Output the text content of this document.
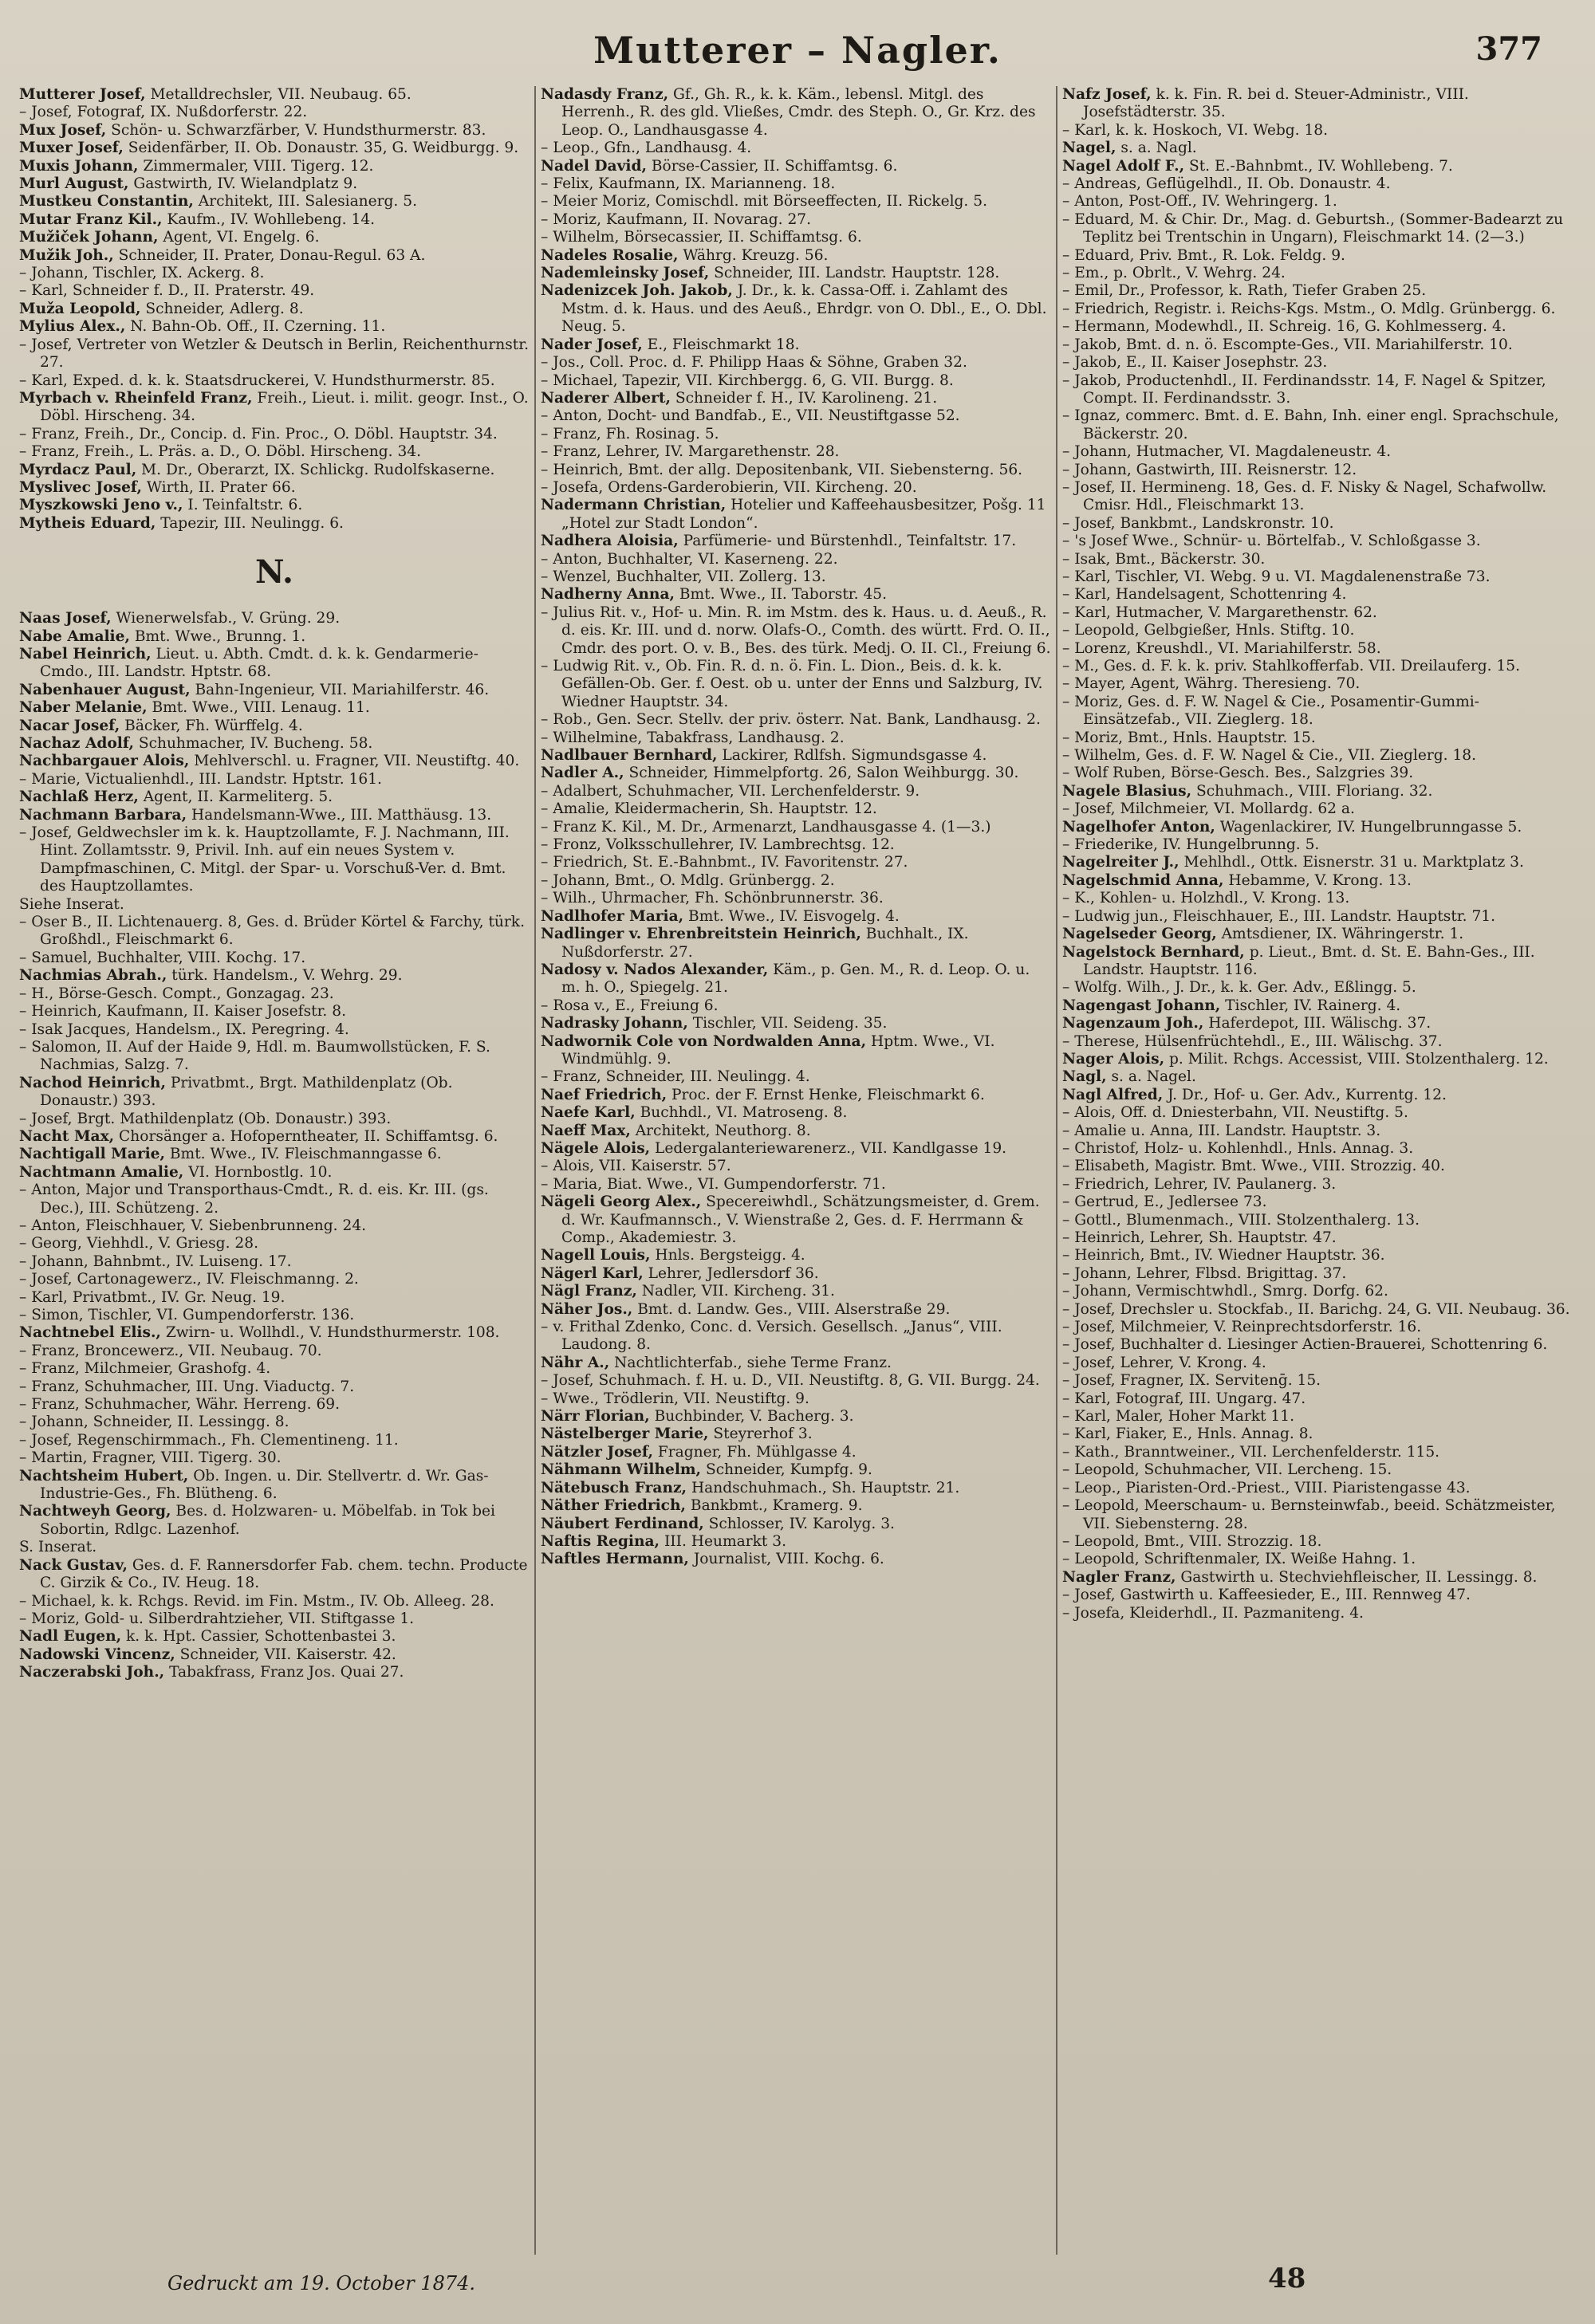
Mutterer – Nagler.	377
Mutterer Josef, Metalldrechsler, VII. Neubaug. 65.
– Josef, Fotograf, IX. Nußdorferstr. 22.
Mux Josef, Schön- u. Schwarzfärber, V. Hundsthurmerstr. 83.
Muxer Josef, Seidenfärber, II. Ob. Donaustr. 35, G. Weidburgg. 9.
Muxis Johann, Zimmermaler, VIII. Tigerg. 12.
Murl August, Gastwirth, IV. Wielandplatz 9.
Mustkeu Constantin, Architekt, III. Salesianerg. 5.
Mutar Franz Kil., Kaufm., IV. Wohllebeng. 14.
Mužiček Johann, Agent, VI. Engelg. 6.
Mužik Joh., Schneider, II. Prater, Donau-Regul. 63 A.
– Johann, Tischler, IX. Ackerg. 8.
– Karl, Schneider f. D., II. Praterstr. 49.
Muža Leopold, Schneider, Adlerg. 8.
Mylius Alex., N. Bahn-Ob. Off., II. Czerning. 11.
– Josef, Vertreter von Wetzler & Deutsch in Berlin, Reichenthurnstr. 27.
– Karl, Exped. d. k. k. Staatsdruckerei, V. Hundsthurmerstr. 85.
Myrbach v. Rheinfeld Franz, Freih., Lieut. i. milit. geogr. Inst., O. Döbl. Hirscheng. 34.
– Franz, Freih., Dr., Concip. d. Fin. Proc., O. Döbl. Hauptstr. 34.
– Franz, Freih., L. Präs. a. D., O. Döbl. Hirscheng. 34.
Myrdacz Paul, M. Dr., Oberarzt, IX. Schlickg. Rudolfskaserne.
Myslivec Josef, Wirth, II. Prater 66.
Myszkowski Jeno v., I. Teinfaltstr. 6.
Mytheis Eduard, Tapezir, III. Neulingg. 6.
N.
Naas Josef, Wienerwelsfab., V. Grüng. 29.
Nabe Amalie, Bmt. Wwe., Brunng. 1.
Nabel Heinrich, Lieut. u. Abth. Cmdt. d. k. k. Gendarmerie-Cmdo., III. Landstr. Hptstr. 68.
Nabenhauer August, Bahn-Ingenieur, VII. Mariahilferstr. 46.
Naber Melanie, Bmt. Wwe., VIII. Lenaug. 11.
Nacar Josef, Bäcker, Fh. Würffelg. 4.
Nachaz Adolf, Schuhmacher, IV. Bucheng. 58.
Nachbargauer Alois, Mehlverschl. u. Fragner, VII. Neustiftg. 40.
– Marie, Victualienhdl., III. Landstr. Hptstr. 161.
Nachlaß Herz, Agent, II. Karmeliterg. 5.
Nachmann Barbara, Handelsmann-Wwe., III. Matthäusg. 13.
– Josef, Geldwechsler im k. k. Hauptzollamte, F. J. Nachmann, III. Hint. Zollamtsstr. 9, Privil. Inh. auf ein neues System v. Dampfmaschinen, C. Mitgl. der Spar- u. Vorschuß-Ver. d. Bmt. des Hauptzollamtes.
Siehe Inserat.
– Oser B., II. Lichtenauerg. 8, Ges. d. Brüder Körtel & Farchy, türk. Großhdl., Fleischmarkt 6.
– Samuel, Buchhalter, VIII. Kochg. 17.
Nachmias Abrah., türk. Handelsm., V. Wehrg. 29.
– H., Börse-Gesch. Compt., Gonzagag. 23.
– Heinrich, Kaufmann, II. Kaiser Josefstr. 8.
– Isak Jacques, Handelsm., IX. Peregring. 4.
– Salomon, II. Auf der Haide 9, Hdl. m. Baumwollstücken, F. S. Nachmias, Salzg. 7.
Nachod Heinrich, Privatbmt., Brgt. Mathildenplatz (Ob. Donaustr.) 393.
– Josef, Brgt. Mathildenplatz (Ob. Donaustr.) 393.
Nacht Max, Chorsänger a. Hofoperntheater, II. Schiffamtsg. 6.
Nachtigall Marie, Bmt. Wwe., IV. Fleischmanngasse 6.
Nachtmann Amalie, VI. Hornbostlg. 10.
– Anton, Major und Transporthaus-Cmdt., R. d. eis. Kr. III. (gs. Dec.), III. Schützeng. 2.
– Anton, Fleischhauer, V. Siebenbrunneng. 24.
– Georg, Viehhdl., V. Griesg. 28.
– Johann, Bahnbmt., IV. Luiseng. 17.
– Josef, Cartonagewerz., IV. Fleischmanng. 2.
– Karl, Privatbmt., IV. Gr. Neug. 19.
– Simon, Tischler, VI. Gumpendorferstr. 136.
Nachtnebel Elis., Zwirn- u. Wollhdl., V. Hundsthurmerstr. 108.
– Franz, Broncewerz., VII. Neubaug. 70.
– Franz, Milchmeier, Grashofg. 4.
– Franz, Schuhmacher, III. Ung. Viaductg. 7.
– Franz, Schuhmacher, Währ. Herreng. 69.
– Johann, Schneider, II. Lessingg. 8.
– Josef, Regenschirmmach., Fh. Clementineng. 11.
– Martin, Fragner, VIII. Tigerg. 30.
Nachtsheim Hubert, Ob. Ingen. u. Dir. Stellvertr. d. Wr. Gas-Industrie-Ges., Fh. Blütheng. 6.
Nachtweyh Georg, Bes. d. Holzwaren- u. Möbelfab. in Tok bei Sobortin, Rdlgc. Lazenhof.
S. Inserat.
Nack Gustav, Ges. d. F. Rannersdorfer Fab. chem. techn. Producte C. Girzik & Co., IV. Heug. 18.
– Michael, k. k. Rchgs. Revid. im Fin. Mstm., IV. Ob. Alleeg. 28.
– Moriz, Gold- u. Silberdrahtzieher, VII. Stiftgasse 1.
Nadl Eugen, k. k. Hpt. Cassier, Schottenbastei 3.
Nadowski Vincenz, Schneider, VII. Kaiserstr. 42.
Naczerabski Joh., Tabakfrass, Franz Jos. Quai 27.
Nadasdy Franz, Gf., Gh. R., k. k. Käm., lebensl. Mitgl. des Herrenh., R. des gld. Vließes, Cmdr. des Steph. O., Gr. Krz. des Leop. O., Landhausgasse 4.
– Leop., Gfn., Landhausg. 4.
Nadel David, Börse-Cassier, II. Schiffamtsg. 6.
– Felix, Kaufmann, IX. Marianneng. 18.
– Meier Moriz, Comischdl. mit Börseeffecten, II. Rickelg. 5.
– Moriz, Kaufmann, II. Novarag. 27.
– Wilhelm, Börsecassier, II. Schiffamtsg. 6.
Nadeles Rosalie, Währg. Kreuzg. 56.
Nademleinsky Josef, Schneider, III. Landstr. Hauptstr. 128.
Nadenizcek Joh. Jakob, J. Dr., k. k. Cassa-Off. i. Zahlamt des Mstm. d. k. Haus. und des Aeuß., Ehrdgr. von O. Dbl., E., O. Dbl. Neug. 5.
Nader Josef, E., Fleischmarkt 18.
– Jos., Coll. Proc. d. F. Philipp Haas & Söhne, Graben 32.
– Michael, Tapezir, VII. Kirchbergg. 6, G. VII. Burgg. 8.
Naderer Albert, Schneider f. H., IV. Karolineng. 21.
– Anton, Docht- und Bandfab., E., VII. Neustiftgasse 52.
– Franz, Fh. Rosinag. 5.
– Franz, Lehrer, IV. Margarethenstr. 28.
– Heinrich, Bmt. der allg. Depositenbank, VII. Siebensterng. 56.
– Josefa, Ordens-Garderobierin, VII. Kircheng. 20.
Nadermann Christian, Hotelier und Kaffeehausbesitzer, Pošg. 11 „Hotel zur Stadt London“.
Nadhera Aloisia, Parfümerie- und Bürstenhdl., Teinfaltstr. 17.
– Anton, Buchhalter, VI. Kaserneng. 22.
– Wenzel, Buchhalter, VII. Zollerg. 13.
Nadherny Anna, Bmt. Wwe., II. Taborstr. 45.
– Julius Rit. v., Hof- u. Min. R. im Mstm. des k. Haus. u. d. Aeuß., R. d. eis. Kr. III. und d. norw. Olafs-O., Comth. des württ. Frd. O. II., Cmdr. des port. O. v. B., Bes. des türk. Medj. O. II. Cl., Freiung 6.
– Ludwig Rit. v., Ob. Fin. R. d. n. ö. Fin. L. Dion., Beis. d. k. k. Gefällen-Ob. Ger. f. Oest. ob u. unter der Enns und Salzburg, IV. Wiedner Hauptstr. 34.
– Rob., Gen. Secr. Stellv. der priv. österr. Nat. Bank, Landhausg. 2.
– Wilhelmine, Tabakfrass, Landhausg. 2.
Nadlbauer Bernhard, Lackirer, Rdlfsh. Sigmundsgasse 4.
Nadler A., Schneider, Himmelpfortg. 26, Salon Weihburgg. 30.
– Adalbert, Schuhmacher, VII. Lerchenfelderstr. 9.
– Amalie, Kleidermacherin, Sh. Hauptstr. 12.
– Franz K. Kil., M. Dr., Armenarzt, Landhausgasse 4. (1—3.)
– Fronz, Volksschullehrer, IV. Lambrechtsg. 12.
– Friedrich, St. E.-Bahnbmt., IV. Favoritenstr. 27.
– Johann, Bmt., O. Mdlg. Grünbergg. 2.
– Wilh., Uhrmacher, Fh. Schönbrunnerstr. 36.
Nadlhofer Maria, Bmt. Wwe., IV. Eisvogelg. 4.
Nadlinger v. Ehrenbreitstein Heinrich, Buchhalt., IX. Nußdorferstr. 27.
Nadosy v. Nados Alexander, Käm., p. Gen. M., R. d. Leop. O. u. m. h. O., Spiegelg. 21.
– Rosa v., E., Freiung 6.
Nadrasky Johann, Tischler, VII. Seideng. 35.
Nadwornik Cole von Nordwalden Anna, Hptm. Wwe., VI. Windmühlg. 9.
– Franz, Schneider, III. Neulingg. 4.
Naef Friedrich, Proc. der F. Ernst Henke, Fleischmarkt 6.
Naefe Karl, Buchhdl., VI. Matroseng. 8.
Naeff Max, Architekt, Neuthorg. 8.
Nägele Alois, Ledergalanteriewarenerz., VII. Kandlgasse 19.
– Alois, VII. Kaiserstr. 57.
– Maria, Biat. Wwe., VI. Gumpendorferstr. 71.
Nägeli Georg Alex., Specereiwhdl., Schätzungsmeister, d. Grem. d. Wr. Kaufmannsch., V. Wienstraße 2, Ges. d. F. Herrmann & Comp., Akademiestr. 3.
Nagell Louis, Hnls. Bergsteigg. 4.
Nägerl Karl, Lehrer, Jedlersdorf 36.
Nägl Franz, Nadler, VII. Kircheng. 31.
Näher Jos., Bmt. d. Landw. Ges., VIII. Alserstraße 29.
– v. Frithal Zdenko, Conc. d. Versich. Gesellsch. „Janus“, VIII. Laudong. 8.
Nähr A., Nachtlichterfab., siehe Terme Franz.
– Josef, Schuhmach. f. H. u. D., VII. Neustiftg. 8, G. VII. Burgg. 24.
– Wwe., Trödlerin, VII. Neustiftg. 9.
Närr Florian, Buchbinder, V. Bacherg. 3.
Nästelberger Marie, Steyrerhof 3.
Nätzler Josef, Fragner, Fh. Mühlgasse 4.
Nähmann Wilhelm, Schneider, Kumpfg. 9.
Nätebusch Franz, Handschuhmach., Sh. Hauptstr. 21.
Näther Friedrich, Bankbmt., Kramerg. 9.
Näubert Ferdinand, Schlosser, IV. Karolyg. 3.
Naftis Regina, III. Heumarkt 3.
Naftles Hermann, Journalist, VIII. Kochg. 6.
Nafz Josef, k. k. Fin. R. bei d. Steuer-Administr., VIII. Josefstädterstr. 35.
– Karl, k. k. Hoskoch, VI. Webg. 18.
Nagel, s. a. Nagl.
Nagel Adolf F., St. E.-Bahnbmt., IV. Wohllebeng. 7.
– Andreas, Geflügelhdl., II. Ob. Donaustr. 4.
– Anton, Post-Off., IV. Wehringerg. 1.
– Eduard, M. & Chir. Dr., Mag. d. Geburtsh., (Sommer-Badearzt zu Teplitz bei Trentschin in Ungarn), Fleischmarkt 14. (2—3.)
– Eduard, Priv. Bmt., R. Lok. Feldg. 9.
– Em., p. Obrlt., V. Wehrg. 24.
– Emil, Dr., Professor, k. Rath, Tiefer Graben 25.
– Friedrich, Registr. i. Reichs-Kgs. Mstm., O. Mdlg. Grünbergg. 6.
– Hermann, Modewhdl., II. Schreig. 16, G. Kohlmesserg. 4.
– Jakob, Bmt. d. n. ö. Escompte-Ges., VII. Mariahilferstr. 10.
– Jakob, E., II. Kaiser Josephstr. 23.
– Jakob, Productenhdl., II. Ferdinandsstr. 14, F. Nagel & Spitzer, Compt. II. Ferdinandsstr. 3.
– Ignaz, commerc. Bmt. d. E. Bahn, Inh. einer engl. Sprachschule, Bäckerstr. 20.
– Johann, Hutmacher, VI. Magdaleneustr. 4.
– Johann, Gastwirth, III. Reisnerstr. 12.
– Josef, II. Hermineng. 18, Ges. d. F. Nisky & Nagel, Schafwollw. Cmisr. Hdl., Fleischmarkt 13.
– Josef, Bankbmt., Landskronstr. 10.
– 's Josef Wwe., Schnür- u. Börtelfab., V. Schloßgasse 3.
– Isak, Bmt., Bäckerstr. 30.
– Karl, Tischler, VI. Webg. 9 u. VI. Magdalenenstraße 73.
– Karl, Handelsagent, Schottenring 4.
– Karl, Hutmacher, V. Margarethenstr. 62.
– Leopold, Gelbgießer, Hnls. Stiftg. 10.
– Lorenz, Kreushdl., VI. Mariahilferstr. 58.
– M., Ges. d. F. k. k. priv. Stahlkofferfab. VII. Dreilauferg. 15.
– Mayer, Agent, Währg. Theresieng. 70.
– Moriz, Ges. d. F. W. Nagel & Cie., Posamentir-Gummi-Einsätzefab., VII. Zieglerg. 18.
– Moriz, Bmt., Hnls. Hauptstr. 15.
– Wilhelm, Ges. d. F. W. Nagel & Cie., VII. Zieglerg. 18.
– Wolf Ruben, Börse-Gesch. Bes., Salzgries 39.
Nagele Blasius, Schuhmach., VIII. Floriang. 32.
– Josef, Milchmeier, VI. Mollardg. 62 a.
Nagelhofer Anton, Wagenlackirer, IV. Hungelbrunngasse 5.
– Friederike, IV. Hungelbrunng. 5.
Nagelreiter J., Mehlhdl., Ottk. Eisnerstr. 31 u. Marktplatz 3.
Nagelschmid Anna, Hebamme, V. Krong. 13.
– K., Kohlen- u. Holzhdl., V. Krong. 13.
– Ludwig jun., Fleischhauer, E., III. Landstr. Hauptstr. 71.
Nagelseder Georg, Amtsdiener, IX. Währingerstr. 1.
Nagelstock Bernhard, p. Lieut., Bmt. d. St. E. Bahn-Ges., III. Landstr. Hauptstr. 116.
– Wolfg. Wilh., J. Dr., k. k. Ger. Adv., Eßlingg. 5.
Nagengast Johann, Tischler, IV. Rainerg. 4.
Nagenzaum Joh., Haferdepot, III. Wälischg. 37.
– Therese, Hülsenfrüchtehdl., E., III. Wälischg. 37.
Nager Alois, p. Milit. Rchgs. Accessist, VIII. Stolzenthalerg. 12.
Nagl, s. a. Nagel.
Nagl Alfred, J. Dr., Hof- u. Ger. Adv., Kurrentg. 12.
– Alois, Off. d. Dniesterbahn, VII. Neustiftg. 5.
– Amalie u. Anna, III. Landstr. Hauptstr. 3.
– Christof, Holz- u. Kohlenhdl., Hnls. Annag. 3.
– Elisabeth, Magistr. Bmt. Wwe., VIII. Strozzig. 40.
– Friedrich, Lehrer, IV. Paulanerg. 3.
– Gertrud, E., Jedlersee 73.
– Gottl., Blumenmach., VIII. Stolzenthalerg. 13.
– Heinrich, Lehrer, Sh. Hauptstr. 47.
– Heinrich, Bmt., IV. Wiedner Hauptstr. 36.
– Johann, Lehrer, Flbsd. Brigittag. 37.
– Johann, Vermischtwhdl., Smrg. Dorfg. 62.
– Josef, Drechsler u. Stockfab., II. Barichg. 24, G. VII. Neubaug. 36.
– Josef, Milchmeier, V. Reinprechtsdorferstr. 16.
– Josef, Buchhalter d. Liesinger Actien-Brauerei, Schottenring 6.
– Josef, Lehrer, V. Krong. 4.
– Josef, Fragner, IX. Servitenḡ. 15.
– Karl, Fotograf, III. Ungarg. 47.
– Karl, Maler, Hoher Markt 11.
– Karl, Fiaker, E., Hnls. Annag. 8.
– Kath., Branntweiner., VII. Lerchenfelderstr. 115.
– Leopold, Schuhmacher, VII. Lercheng. 15.
– Leop., Piaristen-Ord.-Priest., VIII. Piaristengasse 43.
– Leopold, Meerschaum- u. Bernsteinwfab., beeid. Schätzmeister, VII. Siebensterng. 28.
– Leopold, Bmt., VIII. Strozzig. 18.
– Leopold, Schriftenmaler, IX. Weiße Hahng. 1.
Nagler Franz, Gastwirth u. Stechviehfleischer, II. Lessingg. 8.
– Josef, Gastwirth u. Kaffeesieder, E., III. Rennweg 47.
– Josefa, Kleiderhdl., II. Pazmaniteng. 4.
Gedruckt am 19. October 1874.	48
